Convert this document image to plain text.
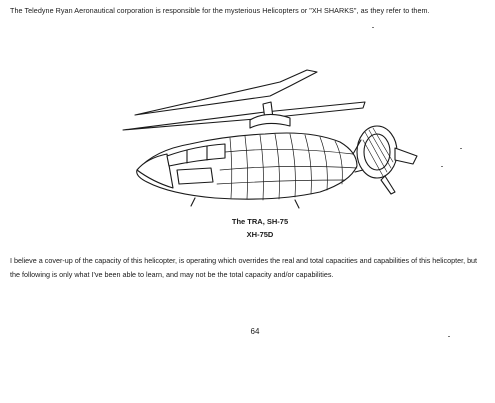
The Teledyne Ryan Aeronautical corporation is responsible for the mysterious Helicopters or "XH SHARKS", as they refer to them.

The TRA, SH-75
XH-75D

I believe a cover-up of the capacity of this helicopter, is operating which overrides the real and total capacities and capabilities of this helicopter, but the following is only what I've been able to learn, and may not be the total capacity and/or capabilities.

64
